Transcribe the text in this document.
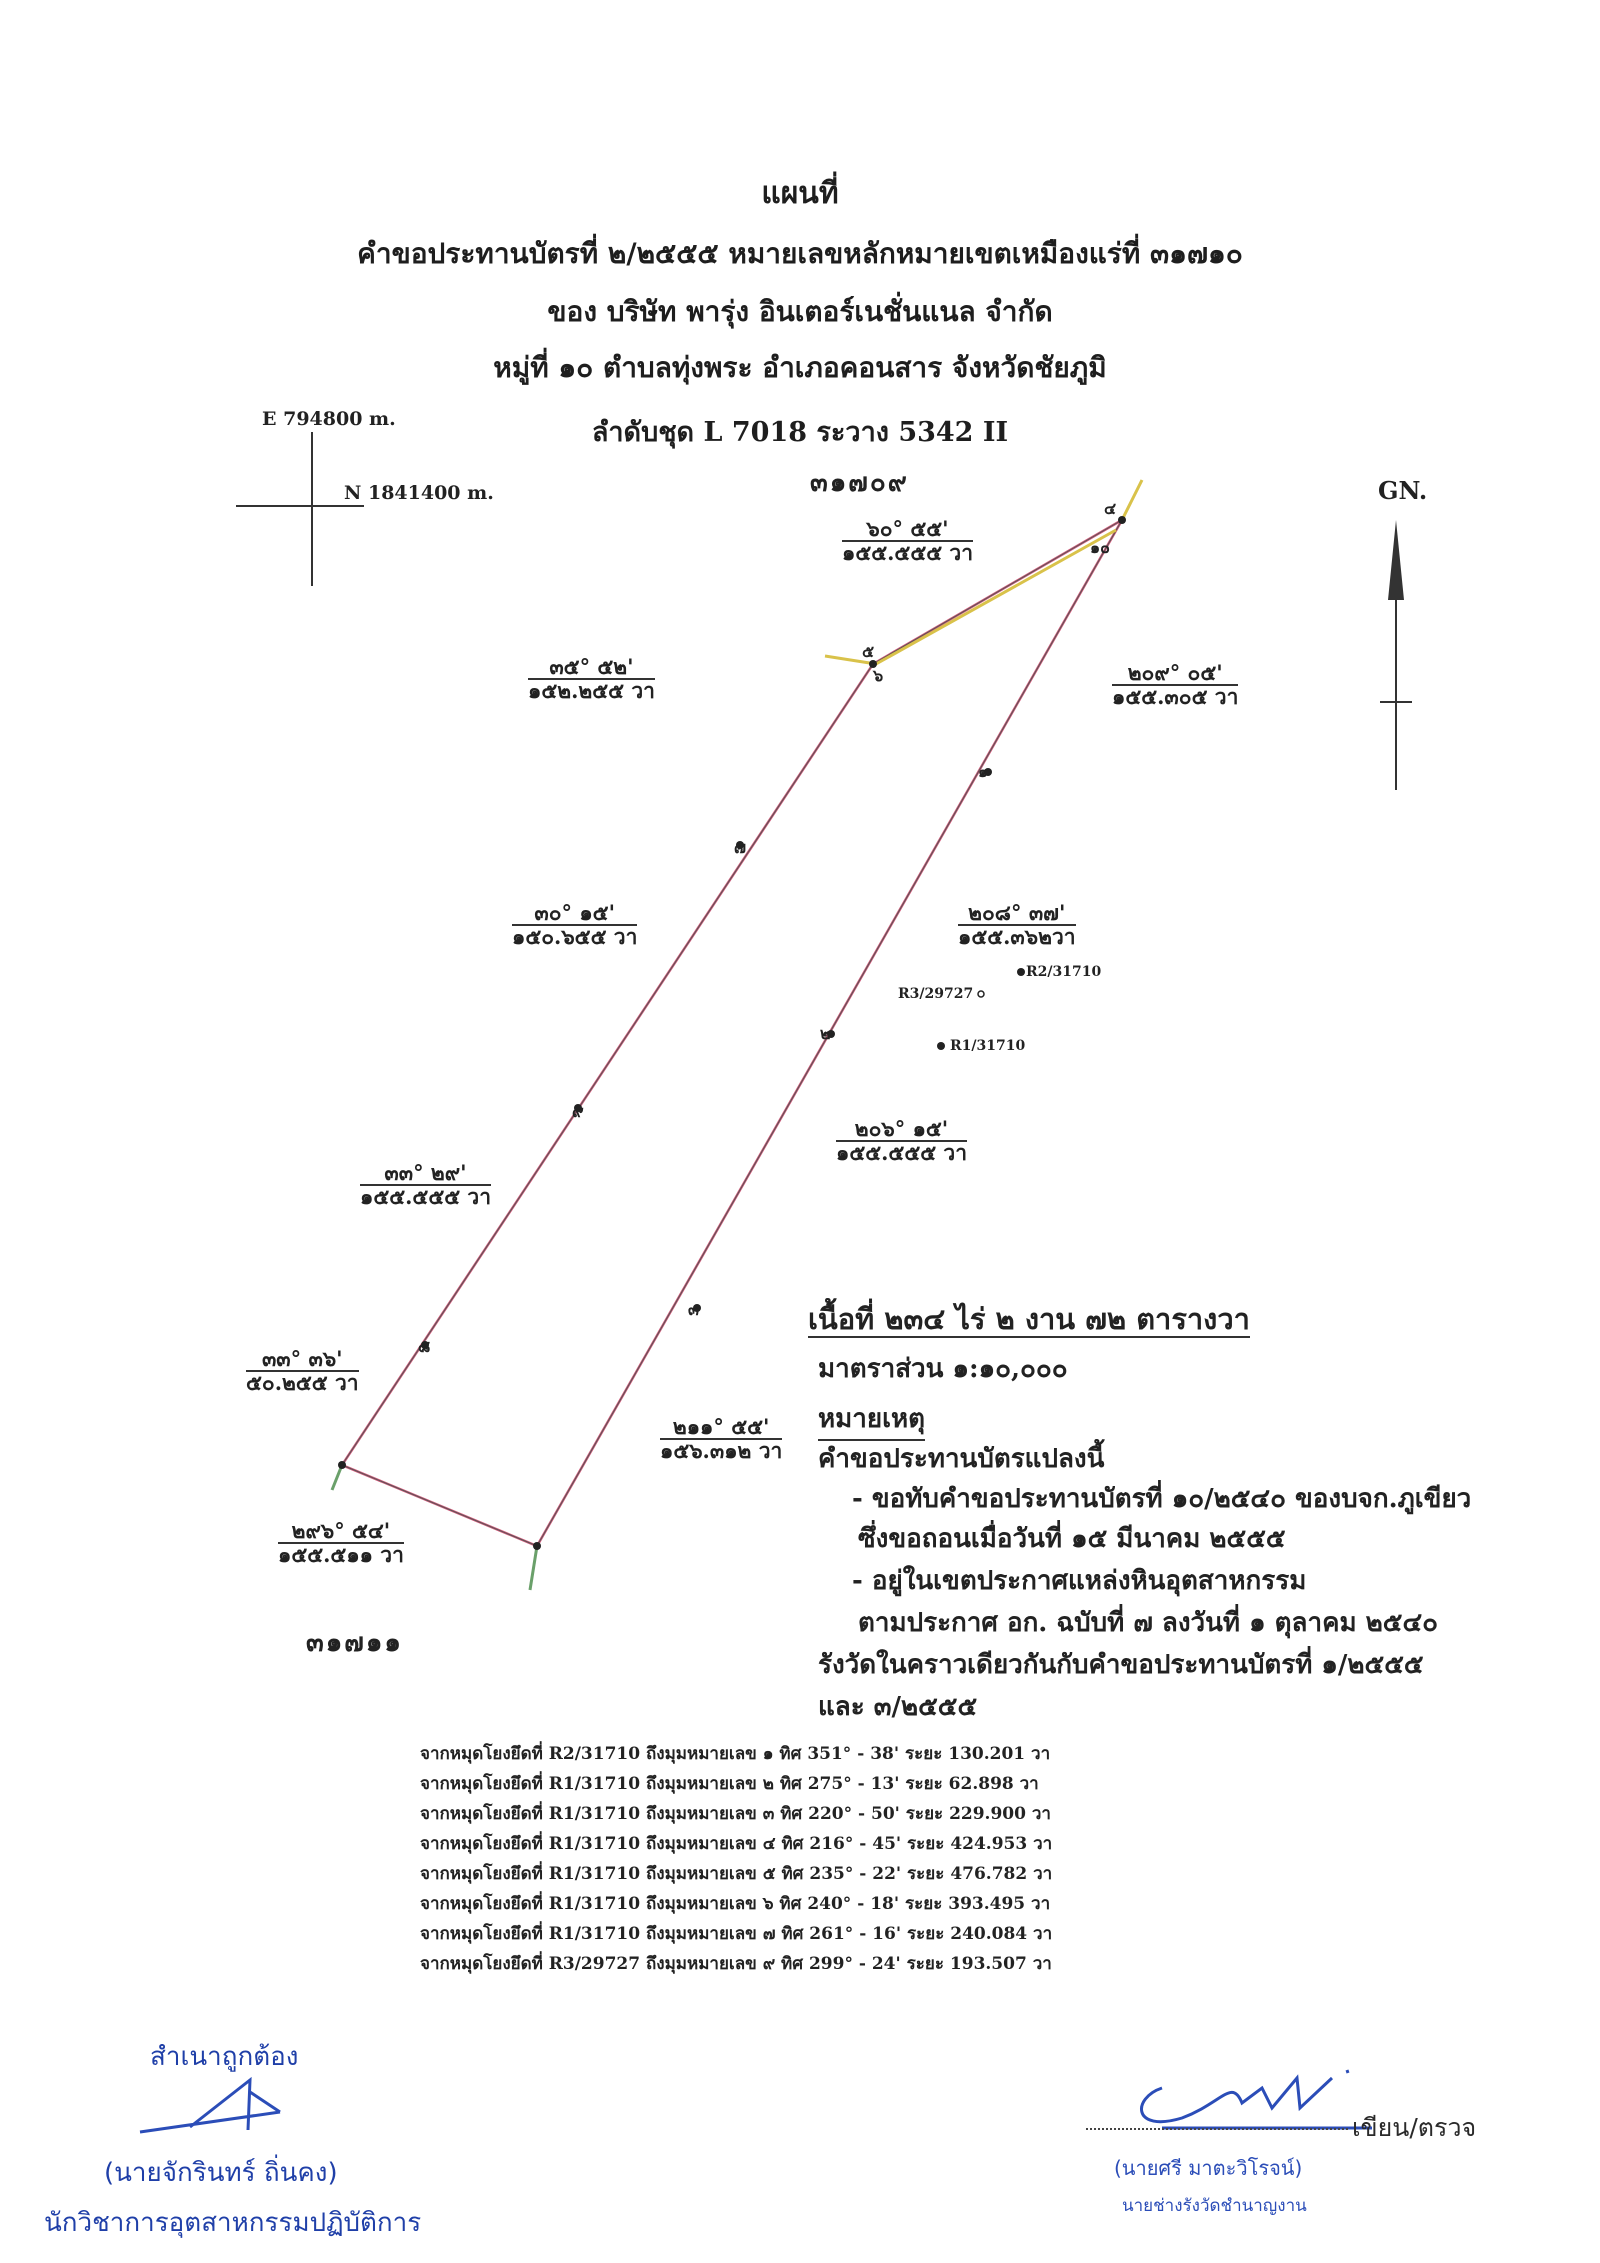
แผนที่
คำขอประทานบัตรที่ ๒/๒๕๕๕ หมายเลขหลักหมายเขตเหมืองแร่ที่ ๓๑๗๑๐
ของ บริษัท พารุ่ง อินเตอร์เนชั่นแนล จำกัด
หมู่ที่ ๑๐ ตำบลทุ่งพระ อำเภอคอนสาร จังหวัดชัยภูมิ
ลำดับชุด L 7018 ระวาง 5342 II
E 794800 m.
N 1841400 m.	GN.
๓๑๗๐๙
๓๑๗๑๑
๔
๑๐
๕
๖
๑
๗
๒
๙
๓
๘
R2/31710
R3/29727
R1/31710
๖๐° ๕๕'
๑๕๕.๕๕๕ วา
๓๕° ๕๒'
๑๕๒.๒๕๕ วา
๒๐๙° ๐๕'
๑๕๕.๓๐๕ วา
๓๐° ๑๕'
๑๕๐.๖๕๕ วา
๒๐๘° ๓๗'
๑๕๕.๓๖๒วา
๓๓° ๒๙'
๑๕๕.๕๕๕ วา
๒๐๖° ๑๕'
๑๕๕.๕๕๕ วา
๓๓° ๓๖'
๕๐.๒๕๕ วา
๒๑๑° ๕๕'
๑๕๖.๓๑๒ วา
๒๙๖° ๕๔'
๑๕๕.๕๑๑ วา
เนื้อที่ ๒๓๔ ไร่ ๒ งาน ๗๒ ตารางวา
มาตราส่วน ๑:๑๐,๐๐๐
หมายเหตุ
คำขอประทานบัตรแปลงนี้
- ขอทับคำขอประทานบัตรที่ ๑๐/๒๕๔๐ ของบจก.ภูเขียว
ซึ่งขอถอนเมื่อวันที่ ๑๕ มีนาคม ๒๕๕๕
- อยู่ในเขตประกาศแหล่งหินอุตสาหกรรม
ตามประกาศ อก. ฉบับที่ ๗ ลงวันที่ ๑ ตุลาคม ๒๕๔๐
รังวัดในคราวเดียวกันกับคำขอประทานบัตรที่ ๑/๒๕๕๕
และ ๓/๒๕๕๕
จากหมุดโยงยึดที่ R2/31710 ถึงมุมหมายเลข ๑ ทิศ 351° - 38' ระยะ 130.201 วา
จากหมุดโยงยึดที่ R1/31710 ถึงมุมหมายเลข ๒ ทิศ 275° - 13' ระยะ 62.898 วา
จากหมุดโยงยึดที่ R1/31710 ถึงมุมหมายเลข ๓ ทิศ 220° - 50' ระยะ 229.900 วา
จากหมุดโยงยึดที่ R1/31710 ถึงมุมหมายเลข ๔ ทิศ 216° - 45' ระยะ 424.953 วา
จากหมุดโยงยึดที่ R1/31710 ถึงมุมหมายเลข ๕ ทิศ 235° - 22' ระยะ 476.782 วา
จากหมุดโยงยึดที่ R1/31710 ถึงมุมหมายเลข ๖ ทิศ 240° - 18' ระยะ 393.495 วา
จากหมุดโยงยึดที่ R1/31710 ถึงมุมหมายเลข ๗ ทิศ 261° - 16' ระยะ 240.084 วา
จากหมุดโยงยึดที่ R3/29727 ถึงมุมหมายเลข ๙ ทิศ 299° - 24' ระยะ 193.507 วา
สำเนาถูกต้อง
(นายจักรินทร์ ถิ่นคง)
นักวิชาการอุตสาหกรรมปฏิบัติการ
เขียน/ตรวจ
(นายศรี มาตะวิโรจน์)
นายช่างรังวัดชำนาญงาน
